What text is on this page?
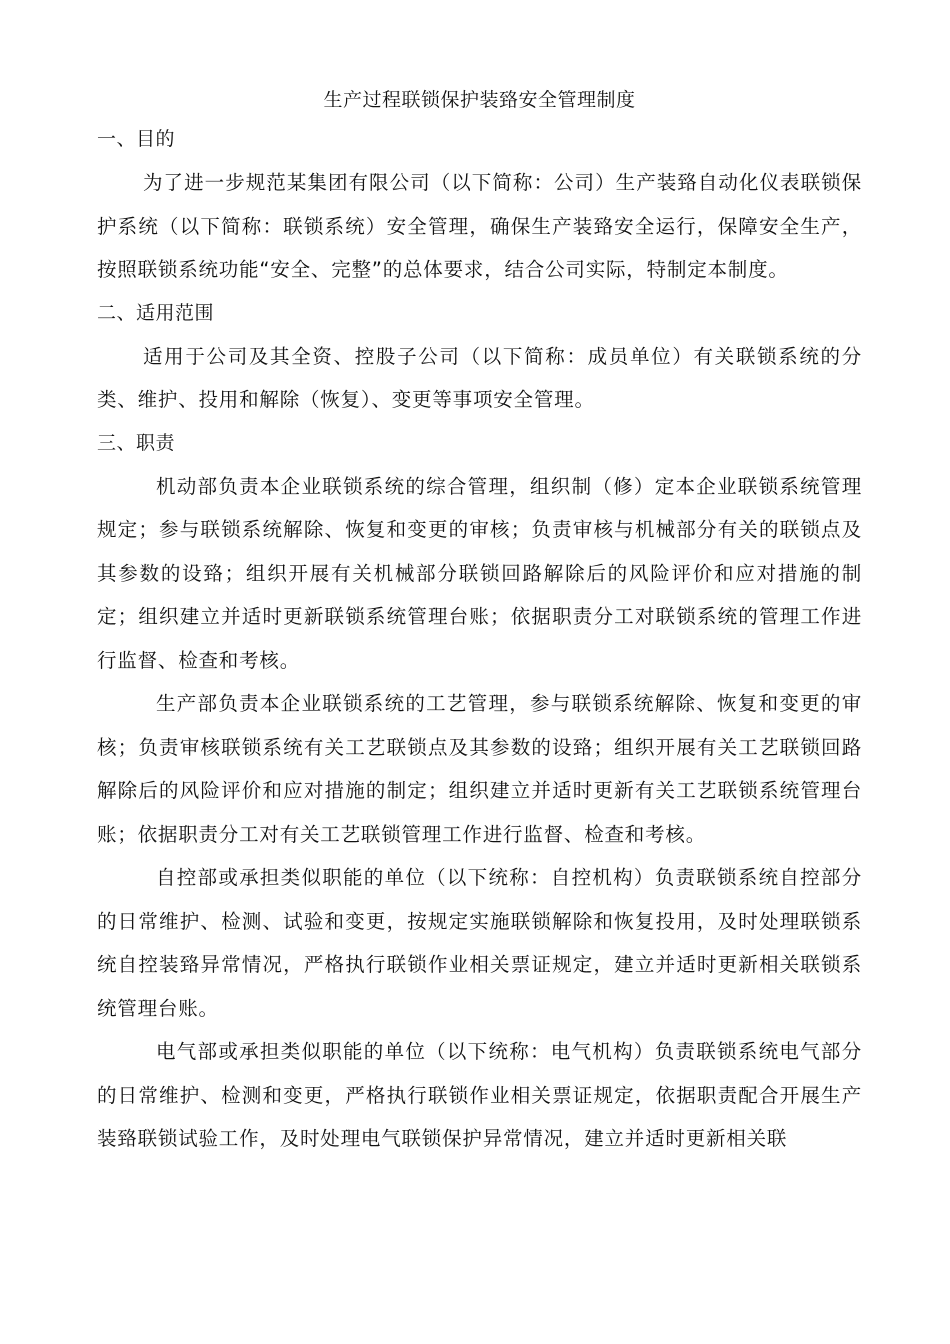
生产过程联锁保护装臵安全管理制度

一、目的

为了进一步规范某集团有限公司（以下简称：公司）生产装臵自动化仪表联锁保护系统（以下简称：联锁系统）安全管理，确保生产装臵安全运行，保障安全生产，按照联锁系统功能“安全、完整”的总体要求，结合公司实际，特制定本制度。

二、适用范围

适用于公司及其全资、控股子公司（以下简称：成员单位）有关联锁系统的分类、维护、投用和解除（恢复）、变更等事项安全管理。

三、职责

机动部负责本企业联锁系统的综合管理，组织制（修）定本企业联锁系统管理规定；参与联锁系统解除、恢复和变更的审核；负责审核与机械部分有关的联锁点及其参数的设臵；组织开展有关机械部分联锁回路解除后的风险评价和应对措施的制定；组织建立并适时更新联锁系统管理台账；依据职责分工对联锁系统的管理工作进行监督、检查和考核。

生产部负责本企业联锁系统的工艺管理，参与联锁系统解除、恢复和变更的审核；负责审核联锁系统有关工艺联锁点及其参数的设臵；组织开展有关工艺联锁回路解除后的风险评价和应对措施的制定；组织建立并适时更新有关工艺联锁系统管理台账；依据职责分工对有关工艺联锁管理工作进行监督、检查和考核。

自控部或承担类似职能的单位（以下统称：自控机构）负责联锁系统自控部分的日常维护、检测、试验和变更，按规定实施联锁解除和恢复投用，及时处理联锁系统自控装臵异常情况，严格执行联锁作业相关票证规定，建立并适时更新相关联锁系统管理台账。

电气部或承担类似职能的单位（以下统称：电气机构）负责联锁系统电气部分的日常维护、检测和变更，严格执行联锁作业相关票证规定，依据职责配合开展生产装臵联锁试验工作，及时处理电气联锁保护异常情况，建立并适时更新相关联
